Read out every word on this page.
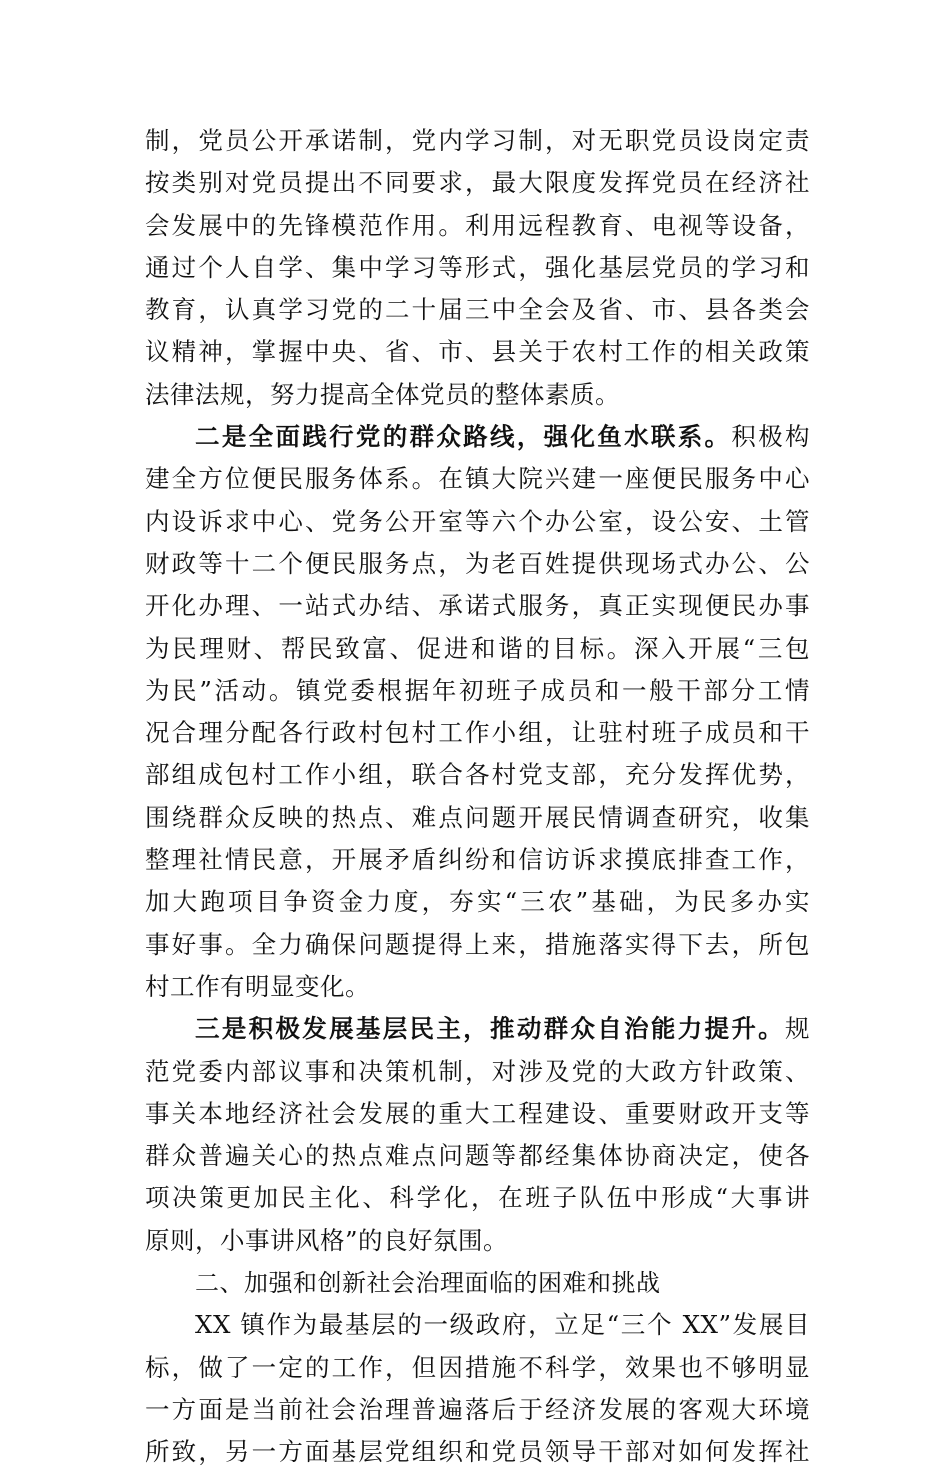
制，党员公开承诺制，党内学习制，对无职党员设岗定责
按类别对党员提出不同要求，最大限度发挥党员在经济社
会发展中的先锋模范作用。利用远程教育、电视等设备，
通过个人自学、集中学习等形式，强化基层党员的学习和
教育，认真学习党的二十届三中全会及省、市、县各类会
议精神，掌握中央、省、市、县关于农村工作的相关政策
法律法规，努力提高全体党员的整体素质。
二是全面践行党的群众路线，强化鱼水联系。积极构
建全方位便民服务体系。在镇大院兴建一座便民服务中心
内设诉求中心、党务公开室等六个办公室，设公安、土管
财政等十二个便民服务点，为老百姓提供现场式办公、公
开化办理、一站式办结、承诺式服务，真正实现便民办事
为民理财、帮民致富、促进和谐的目标。深入开展“三包
为民”活动。镇党委根据年初班子成员和一般干部分工情
况合理分配各行政村包村工作小组，让驻村班子成员和干
部组成包村工作小组，联合各村党支部，充分发挥优势，
围绕群众反映的热点、难点问题开展民情调查研究，收集
整理社情民意，开展矛盾纠纷和信访诉求摸底排查工作，
加大跑项目争资金力度，夯实“三农”基础，为民多办实
事好事。全力确保问题提得上来，措施落实得下去，所包
村工作有明显变化。
三是积极发展基层民主，推动群众自治能力提升。规
范党委内部议事和决策机制，对涉及党的大政方针政策、
事关本地经济社会发展的重大工程建设、重要财政开支等
群众普遍关心的热点难点问题等都经集体协商决定，使各
项决策更加民主化、科学化，在班子队伍中形成“大事讲
原则，小事讲风格”的良好氛围。
二、加强和创新社会治理面临的困难和挑战
XX 镇作为最基层的一级政府，立足“三个 XX”发展目
标，做了一定的工作，但因措施不科学，效果也不够明显
一方面是当前社会治理普遍落后于经济发展的客观大环境
所致，另一方面基层党组织和党员领导干部对如何发挥社
